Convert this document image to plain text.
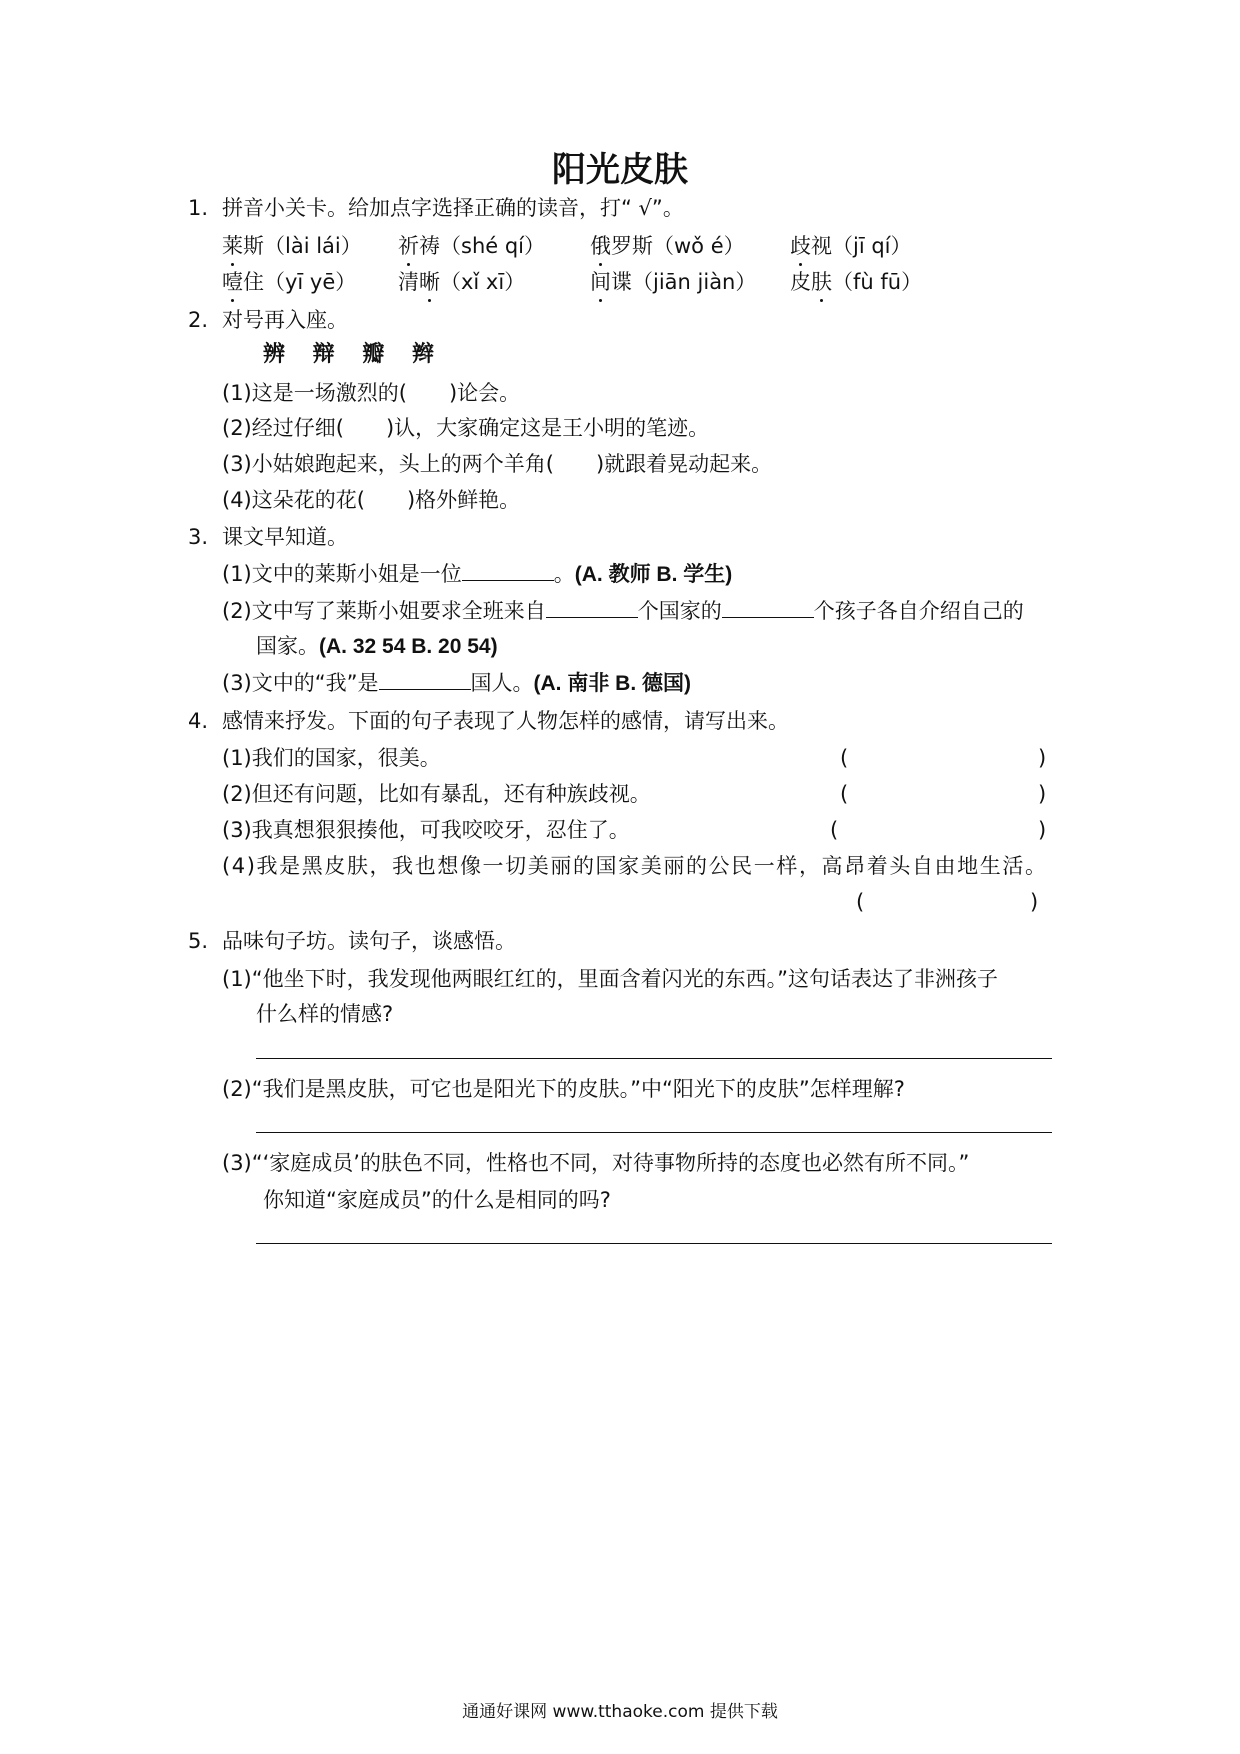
阳光皮肤
1. 拼音小关卡。给加点字选择正确的读音，打“ √”。
莱斯（lài lái） 祈祷（shé qí） 俄罗斯（wǒ é） 歧视（jī qí）
噎住（yī yē） 清晰（xǐ xī）	间谍（jiān jiàn） 皮肤（fù fū）
2. 对号再入座。
辨 辩 瓣 辫
(1)这是一场激烈的(　　)论会。
(2)经过仔细(　　)认，大家确定这是王小明的笔迹。
(3)小姑娘跑起来，头上的两个羊角(　　)就跟着晃动起来。
(4)这朵花的花(　　)格外鲜艳。
3. 课文早知道。
(1)文中的莱斯小姐是一位	。(A. 教师 B. 学生)
(2)文中写了莱斯小姐要求全班来自	个国家的	个孩子各自介绍自己的
国家。(A. 32 54 B. 20 54)
(3)文中的“我”是	国人。(A. 南非 B. 德国)
4. 感情来抒发。下面的句子表现了人物怎样的感情，请写出来。
(1)我们的国家，很美。	(	)
(2)但还有问题，比如有暴乱，还有种族歧视。	(	)
(3)我真想狠狠揍他，可我咬咬牙，忍住了。	(	)
(4)我是黑皮肤，我也想像一切美丽的国家美丽的公民一样，高昂着头自由地生活。
(	)
5. 品味句子坊。读句子，谈感悟。
(1)“他坐下时，我发现他两眼红红的，里面含着闪光的东西。”这句话表达了非洲孩子
什么样的情感?
(2)“我们是黑皮肤，可它也是阳光下的皮肤。”中“阳光下的皮肤”怎样理解?
(3)“‘家庭成员’的肤色不同，性格也不同，对待事物所持的态度也必然有所不同。”
你知道“家庭成员”的什么是相同的吗?
通通好课网 www.tthaoke.com 提供下载
